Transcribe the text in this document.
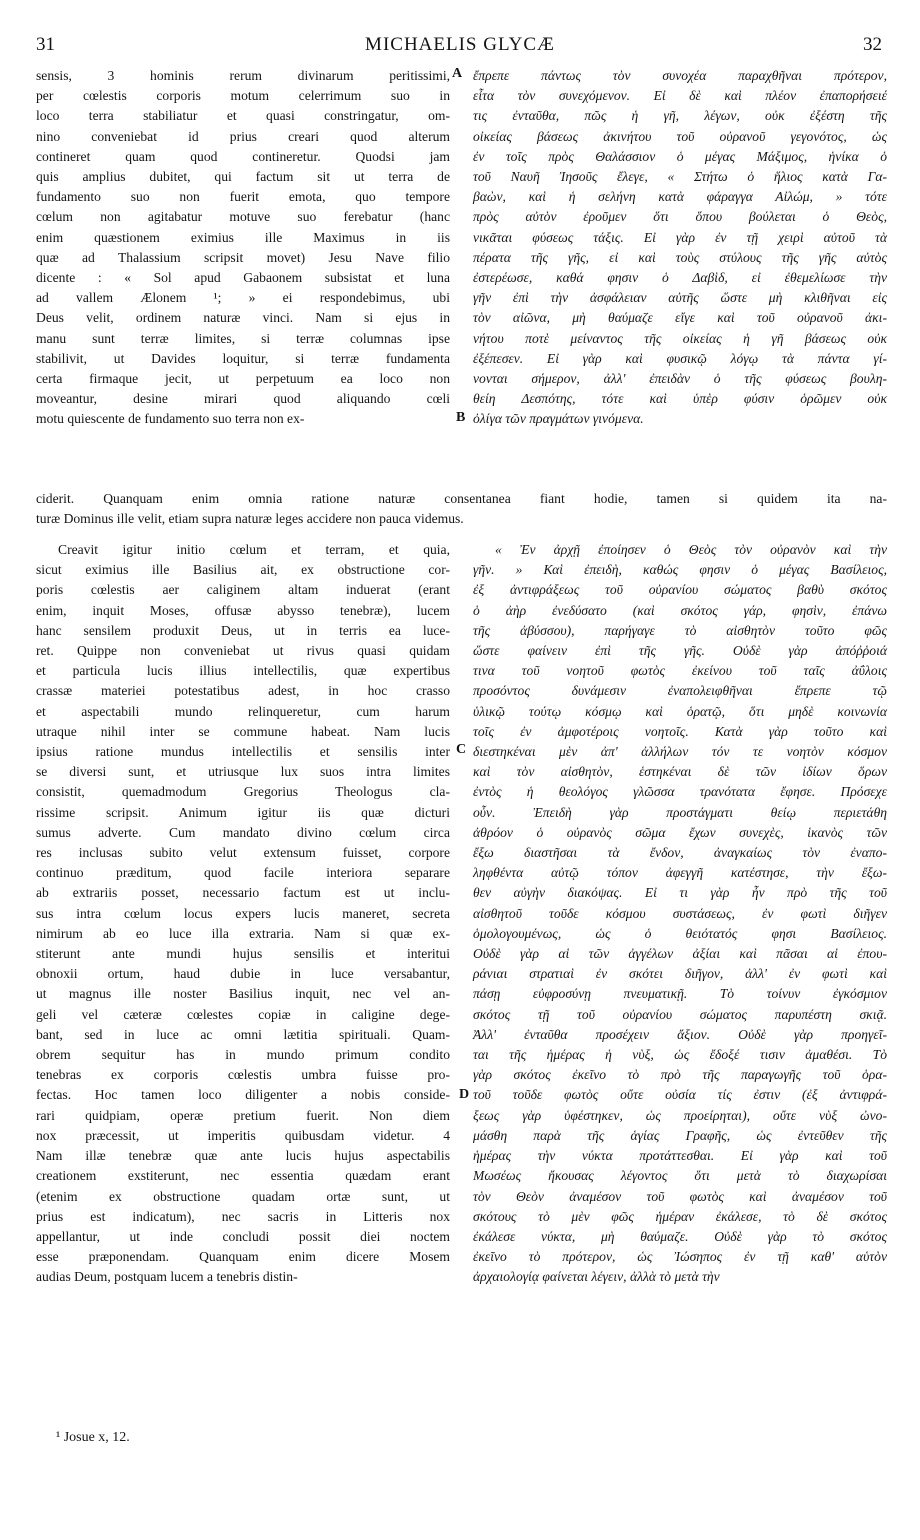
31	MICHAELIS GLYCÆ	32
sensis, 3 hominis rerum divinarum peritissimi,
per cœlestis corporis motum celerrimum suo in
loco terra stabiliatur et quasi constringatur, om-
nino conveniebat id prius creari quod alterum
contineret quam quod contineretur. Quodsi jam
quis amplius dubitet, qui factum sit ut terra de
fundamento suo non fuerit emota, quo tempore
cœlum non agitabatur motuve suo ferebatur (hanc
enim quæstionem eximius ille Maximus in iis
quæ ad Thalassium scripsit movet) Jesu Nave filio
dicente : « Sol apud Gabaonem subsistat et luna
ad vallem Ælonem ¹; » ei respondebimus, ubi
Deus velit, ordinem naturæ vinci. Nam si ejus in
manu sunt terræ limites, si terræ columnas ipse
stabilivit, ut Davides loquitur, si terræ fundamenta
certa firmaque jecit, ut perpetuum ea loco non
moveantur, desine mirari quod aliquando cœli
motu quiescente de fundamento suo terra non ex-
ἔπρεπε πάντως τὸν συνοχέα παραχθῆναι πρότερον,
εἶτα τὸν συνεχόμενον. Εἰ δὲ καὶ πλέον ἐπαπορήσειέ
τις ἐνταῦθα, πῶς ἡ γῆ, λέγων, οὐκ ἐξέστη τῆς
οἰκείας βάσεως ἀκινήτου τοῦ οὐρανοῦ γεγονότος, ὡς
ἐν τοῖς πρὸς Θαλάσσιον ὁ μέγας Μάξιμος, ἡνίκα ὁ
τοῦ Ναυῆ Ἰησοῦς ἔλεγε, « Στήτω ὁ ἥλιος κατὰ Γα-
βαὼν, καὶ ἡ σελήνη κατὰ φάραγγα Αἰλώμ, » τότε
πρὸς αὐτὸν ἐροῦμεν ὅτι ὅπου βούλεται ὁ Θεὸς,
νικᾶται φύσεως τάξις. Εἰ γὰρ ἐν τῇ χειρὶ αὐτοῦ τὰ
πέρατα τῆς γῆς, εἰ καὶ τοὺς στύλους τῆς γῆς αὐτὸς
ἐστερέωσε, καθά φησιν ὁ Δαβὶδ, εἰ ἐθεμελίωσε τὴν
γῆν ἐπὶ τὴν ἀσφάλειαν αὐτῆς ὥστε μὴ κλιθῆναι εἰς
τὸν αἰῶνα, μὴ θαύμαζε εἴγε καὶ τοῦ οὐρανοῦ ἀκι-
νήτου ποτὲ μείναντος τῆς οἰκείας ἡ γῆ βάσεως οὐκ
ἐξέπεσεν. Εἰ γὰρ καὶ φυσικῷ λόγῳ τὰ πάντα γί-
νονται σήμερον, ἀλλ' ἐπειδὰν ὁ τῆς φύσεως βουλη-
θείη Δεσπότης, τότε καὶ ὑπὲρ φύσιν ὁρῶμεν οὐκ
ὀλίγα τῶν πραγμάτων γινόμενα.
ciderit. Quanquam enim omnia ratione naturæ consentanea fiant hodie, tamen si quidem ita na-
turæ Dominus ille velit, etiam supra naturæ leges accidere non pauca videmus.
Creavit igitur initio cœlum et terram, et quia,
sicut eximius ille Basilius ait, ex obstructione cor-
poris cœlestis aer caliginem altam induerat (erant
enim, inquit Moses, offusæ abysso tenebræ), lucem
hanc sensilem produxit Deus, ut in terris ea luce-
ret. Quippe non conveniebat ut rivus quasi quidam
et particula lucis illius intellectilis, quæ expertibus
crassæ materiei potestatibus adest, in hoc crasso
et aspectabili mundo relinqueretur, cum harum
utraque nihil inter se commune habeat. Nam lucis
ipsius ratione mundus intellectilis et sensilis inter
se diversi sunt, et utriusque lux suos intra limites
consistit, quemadmodum Gregorius Theologus cla-
rissime scripsit. Animum igitur iis quæ dicturi
sumus adverte. Cum mandato divino cœlum circa
res inclusas subito velut extensum fuisset, corpore
continuo præditum, quod facile interiora separare
ab extrariis posset, necessario factum est ut inclu-
sus intra cœlum locus expers lucis maneret, secreta
nimirum ab eo luce illa extraria. Nam si quæ ex-
stiterunt ante mundi hujus sensilis et interitui
obnoxii ortum, haud dubie in luce versabantur,
ut magnus ille noster Basilius inquit, nec vel an-
geli vel cæteræ cœlestes copiæ in caligine dege-
bant, sed in luce ac omni lætitia spirituali. Quam-
obrem sequitur has in mundo primum condito
tenebras ex corporis cœlestis umbra fuisse pro-
fectas. Hoc tamen loco diligenter a nobis conside-
rari quidpiam, operæ pretium fuerit. Non diem
nox præcessit, ut imperitis quibusdam videtur. 4
Nam illæ tenebræ quæ ante lucis hujus aspectabilis
creationem exstiterunt, nec essentia quædam erant
(etenim ex obstructione quadam ortæ sunt, ut
prius est indicatum), nec sacris in Litteris nox
appellantur, ut inde concludi possit diei noctem
esse præponendam. Quanquam enim dicere Mosem
audias Deum, postquam lucem a tenebris distin-
« Ἐν ἀρχῇ ἐποίησεν ὁ Θεὸς τὸν οὐρανὸν καὶ τὴν
γῆν. » Καὶ ἐπειδὴ, καθώς φησιν ὁ μέγας Βασίλειος,
ἐξ ἀντιφράξεως τοῦ οὐρανίου σώματος βαθὺ σκότος
ὁ ἀὴρ ἐνεδύσατο (καὶ σκότος γάρ, φησὶν, ἐπάνω
τῆς ἀβύσσου), παρήγαγε τὸ αἰσθητὸν τοῦτο φῶς
ὥστε φαίνειν ἐπὶ τῆς γῆς. Οὐδὲ γὰρ ἀπόῤῥοιά
τινα τοῦ νοητοῦ φωτὸς ἐκείνου τοῦ ταῖς ἀΰλοις
προσόντος δυνάμεσιν ἐναπολειφθῆναι ἔπρεπε τῷ
ὑλικῷ τούτῳ κόσμῳ καὶ ὁρατῷ, ὅτι μηδὲ κοινωνία
τοῖς ἐν ἀμφοτέροις νοητοῖς. Κατὰ γὰρ τοῦτο καὶ
διεστηκέναι μὲν ἀπ' ἀλλήλων τόν τε νοητὸν κόσμον
καὶ τὸν αἰσθητὸν, ἑστηκέναι δὲ τῶν ἰδίων ὅρων
ἐντὸς ἡ θεολόγος γλῶσσα τρανότατα ἔφησε. Πρόσεχε
οὖν. Ἐπειδὴ γὰρ προστάγματι θείῳ περιετάθη
ἀθρόον ὁ οὐρανὸς σῶμα ἔχων συνεχὲς, ἱκανὸς τῶν
ἔξω διαστῆσαι τὰ ἔνδον, ἀναγκαίως τὸν ἐναπο-
ληφθέντα αὐτῷ τόπον ἀφεγγῆ κατέστησε, τὴν ἔξω-
θεν αὐγὴν διακόψας. Εἰ τι γὰρ ἦν πρὸ τῆς τοῦ
αἰσθητοῦ τοῦδε κόσμου συστάσεως, ἐν φωτὶ διῆγεν
ὁμολογουμένως, ὡς ὁ θειότατός φησι Βασίλειος.
Οὐδὲ γὰρ αἱ τῶν ἀγγέλων ἀξίαι καὶ πᾶσαι αἱ ἐπου-
ράνιαι στρατιαὶ ἐν σκότει διῆγον, ἀλλ' ἐν φωτὶ καὶ
πάσῃ εὐφροσύνῃ πνευματικῇ. Τὸ τοίνυν ἐγκόσμιον
σκότος τῇ τοῦ οὐρανίου σώματος παρυπέστη σκιᾷ.
Ἀλλ' ἐνταῦθα προσέχειν ἄξιον. Οὐδὲ γὰρ προηγεῖ-
ται τῆς ἡμέρας ἡ νὺξ, ὡς ἔδοξέ τισιν ἀμαθέσι. Τὸ
γὰρ σκότος ἐκεῖνο τὸ πρὸ τῆς παραγωγῆς τοῦ ὁρα-
τοῦ τοῦδε φωτὸς οὔτε οὐσία τίς ἐστιν (ἐξ ἀντιφρά-
ξεως γὰρ ὑφέστηκεν, ὡς προείρηται), οὔτε νὺξ ὠνο-
μάσθη παρὰ τῆς ἁγίας Γραφῆς, ὡς ἐντεῦθεν τῆς
ἡμέρας τὴν νύκτα προτάττεσθαι. Εἰ γὰρ καὶ τοῦ
Μωσέως ἤκουσας λέγοντος ὅτι μετὰ τὸ διαχωρίσαι
τὸν Θεὸν ἀναμέσον τοῦ φωτὸς καὶ ἀναμέσον τοῦ
σκότους τὸ μὲν φῶς ἡμέραν ἐκάλεσε, τὸ δὲ σκότος
ἐκάλεσε νύκτα, μὴ θαύμαζε. Οὐδὲ γὰρ τὸ σκότος
ἐκεῖνο τὸ πρότερον, ὡς Ἰώσηπος ἐν τῇ καθ' αὑτὸν
ἀρχαιολογίᾳ φαίνεται λέγειν, ἀλλὰ τὸ μετὰ τὴν
A
B
C
D
¹ Josue x, 12.
